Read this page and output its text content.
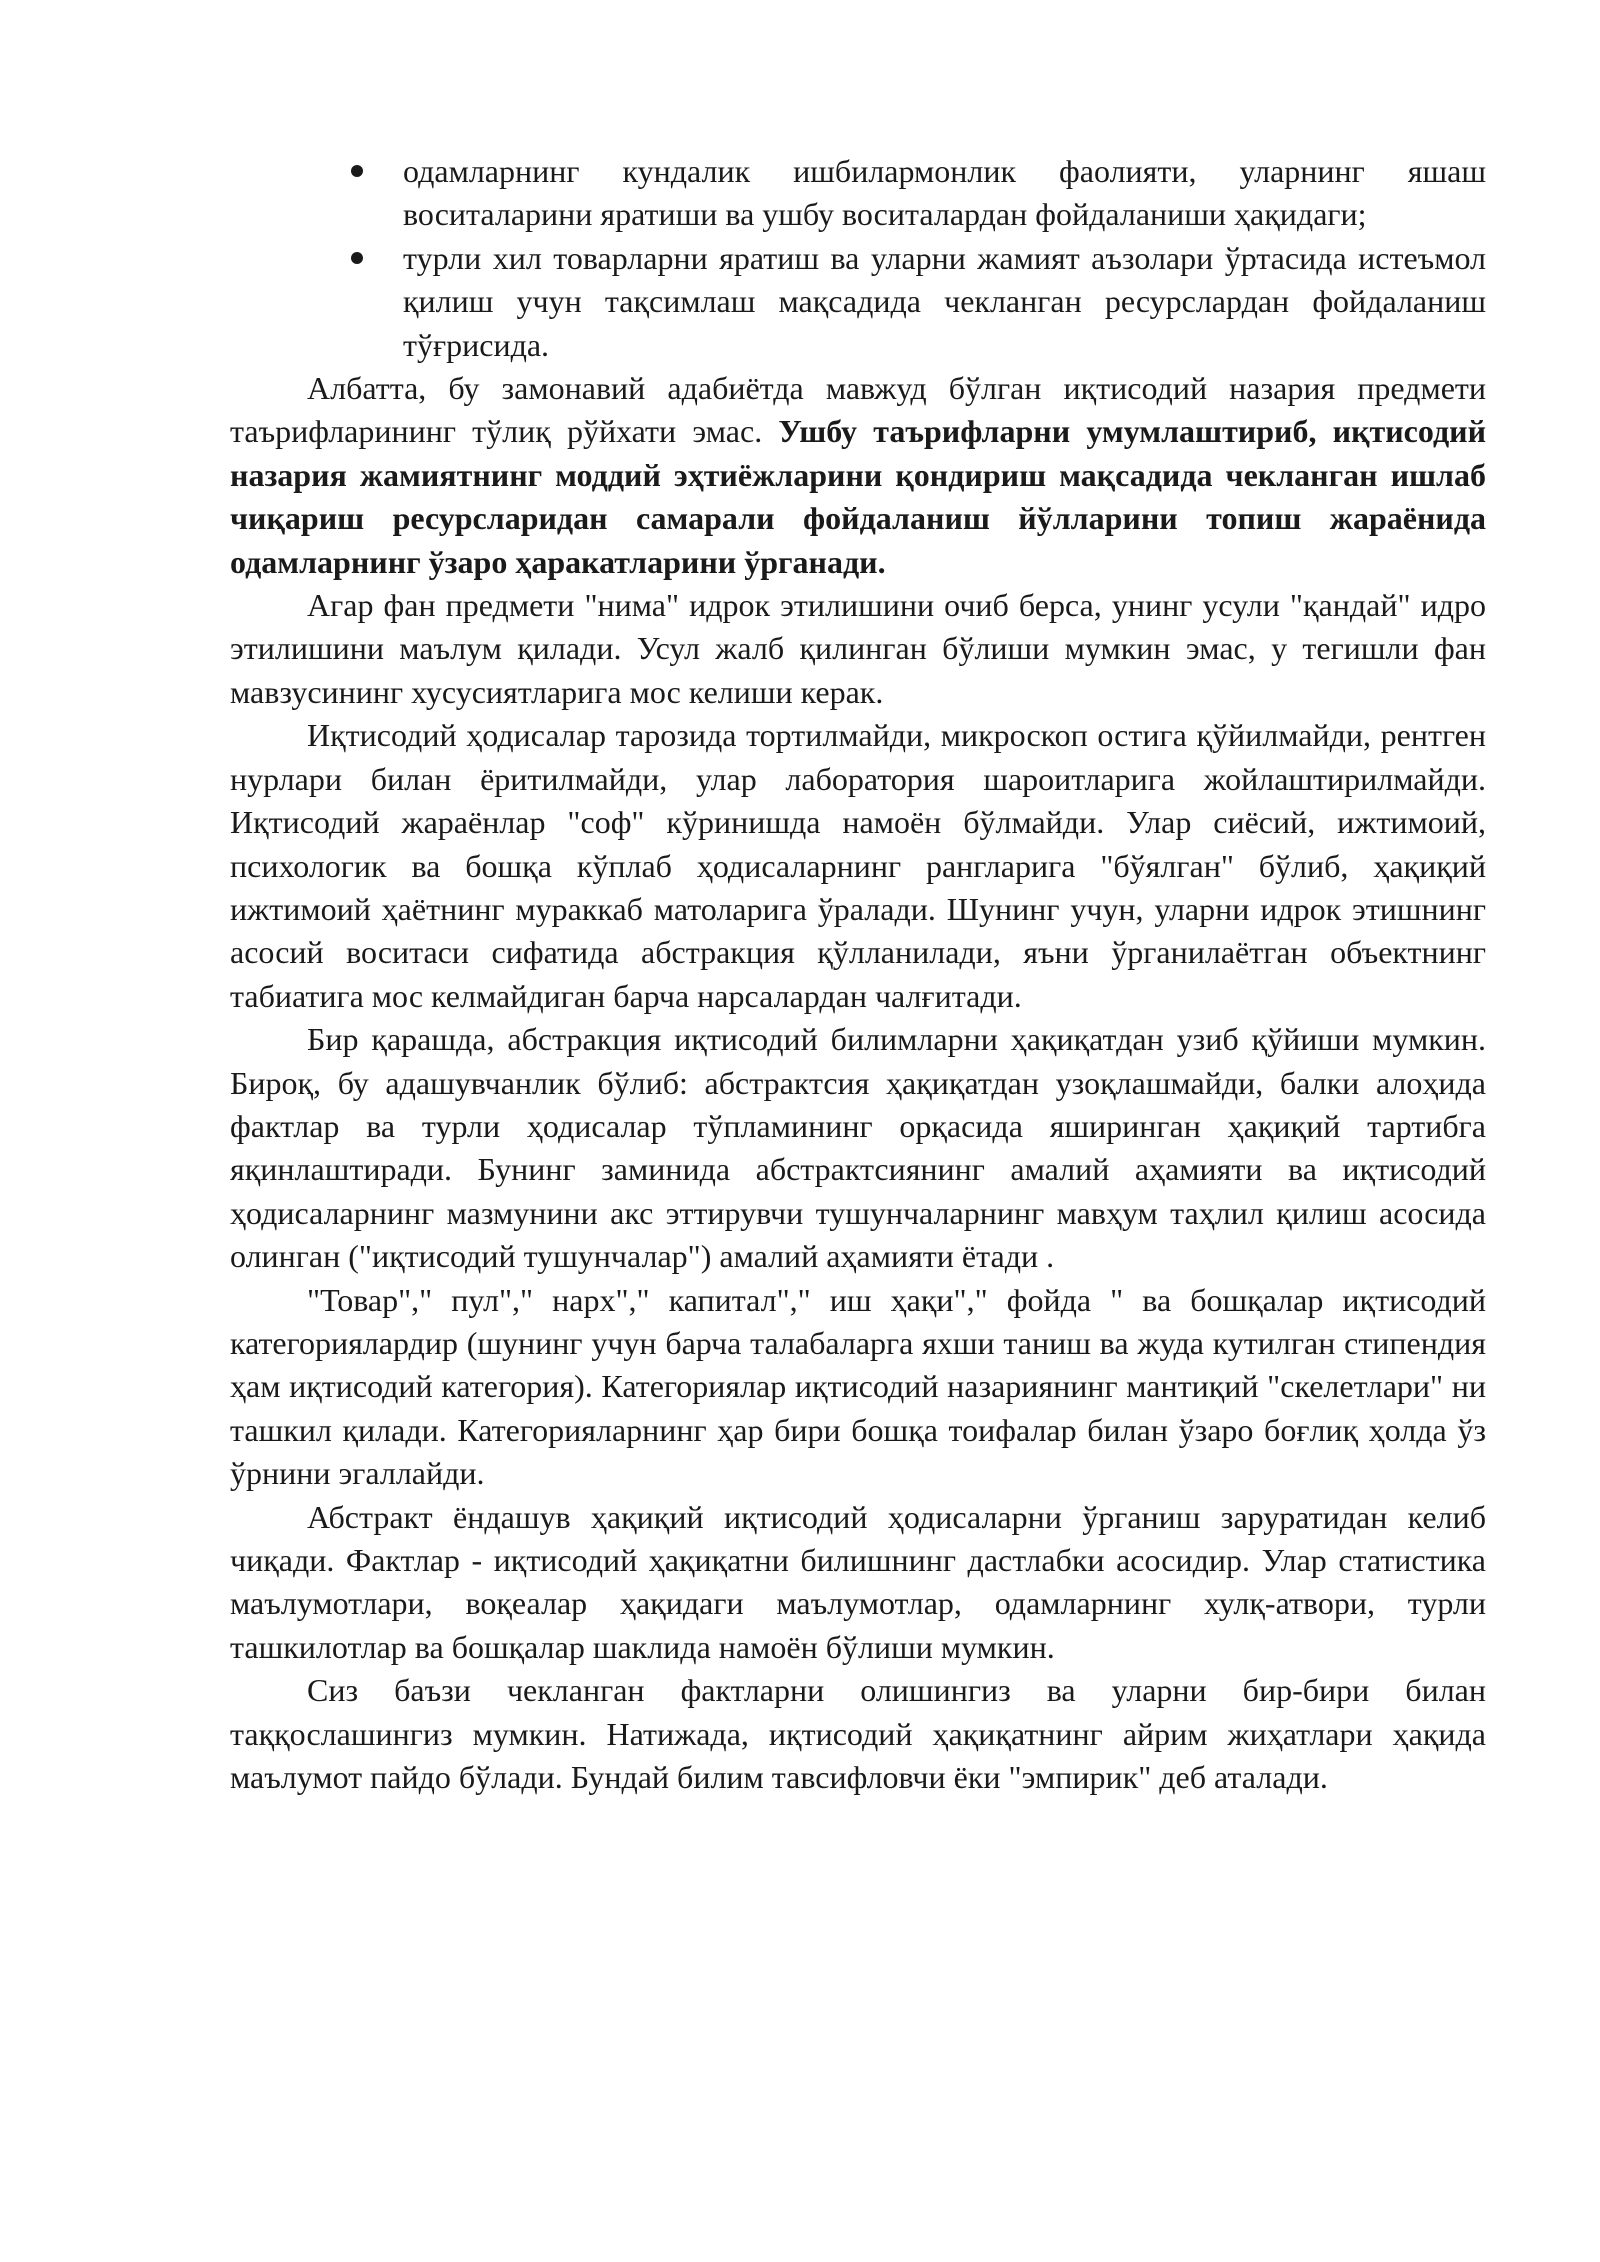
одамларнинг кундалик ишбилармонлик фаолияти, уларнинг яшаш воситаларини яратиши ва ушбу воситалардан фойдаланиши ҳақидаги;
турли хил товарларни яратиш ва уларни жамият аъзолари ўртасида истеъмол қилиш учун тақсимлаш мақсадида чекланган ресурслардан фойдаланиш тўғрисида.

Албатта, бу замонавий адабиётда мавжуд бўлган иқтисодий назария предмети таърифларининг тўлиқ рўйхати эмас. Ушбу таърифларни умумлаштириб, иқтисодий назария жамиятнинг моддий эҳтиёжларини қондириш мақсадида чекланган ишлаб чиқариш ресурсларидан самарали фойдаланиш йўлларини топиш жараёнида одамларнинг ўзаро ҳаракатларини ўрганади.

Агар фан предмети "нима" идрок этилишини очиб берса, унинг усули "қандай" идро этилишини маълум қилади. Усул жалб қилинган бўлиши мумкин эмас, у тегишли фан мавзусининг хусусиятларига мос келиши керак.

Иқтисодий ҳодисалар тарозида тортилмайди, микроскоп остига қўйилмайди, рентген нурлари билан ёритилмайди, улар лаборатория шароитларига жойлаштирилмайди. Иқтисодий жараёнлар "соф" кўринишда намоён бўлмайди. Улар сиёсий, ижтимоий, психологик ва бошқа кўплаб ҳодисаларнинг рангларига "бўялган" бўлиб, ҳақиқий ижтимоий ҳаётнинг мураккаб матоларига ўралади. Шунинг учун, уларни идрок этишнинг асосий воситаси сифатида абстракция қўлланилади, яъни ўрганилаётган объектнинг табиатига мос келмайдиган барча нарсалардан чалғитади.

Бир қарашда, абстракция иқтисодий билимларни ҳақиқатдан узиб қўйиши мумкин. Бироқ, бу адашувчанлик бўлиб: абстрактсия ҳақиқатдан узоқлашмайди, балки алоҳида фактлар ва турли ҳодисалар тўпламининг орқасида яширинган ҳақиқий тартибга яқинлаштиради. Бунинг заминида абстрактсиянинг амалий аҳамияти ва иқтисодий ҳодисаларнинг мазмунини акс эттирувчи тушунчаларнинг мавҳум таҳлил қилиш асосида олинган ("иқтисодий тушунчалар") амалий аҳамияти ётади .

"Товар"," пул"," нарх"," капитал"," иш ҳақи"," фойда " ва бошқалар иқтисодий категориялардир (шунинг учун барча талабаларга яхши таниш ва жуда кутилган стипендия ҳам иқтисодий категория). Категориялар иқтисодий назариянинг мантиқий "скелетлари" ни ташкил қилади. Категорияларнинг ҳар бири бошқа тоифалар билан ўзаро боғлиқ ҳолда ўз ўрнини эгаллайди.

Абстракт ёндашув ҳақиқий иқтисодий ҳодисаларни ўрганиш заруратидан келиб чиқади. Фактлар - иқтисодий ҳақиқатни билишнинг дастлабки асосидир. Улар статистика маълумотлари, воқеалар ҳақидаги маълумотлар, одамларнинг хулқ-атвори, турли ташкилотлар ва бошқалар шаклида намоён бўлиши мумкин.

Сиз баъзи чекланган фактларни олишингиз ва уларни бир-бири билан таққослашингиз мумкин. Натижада, иқтисодий ҳақиқатнинг айрим жиҳатлари ҳақида маълумот пайдо бўлади. Бундай билим тавсифловчи ёки "эмпирик" деб аталади.
